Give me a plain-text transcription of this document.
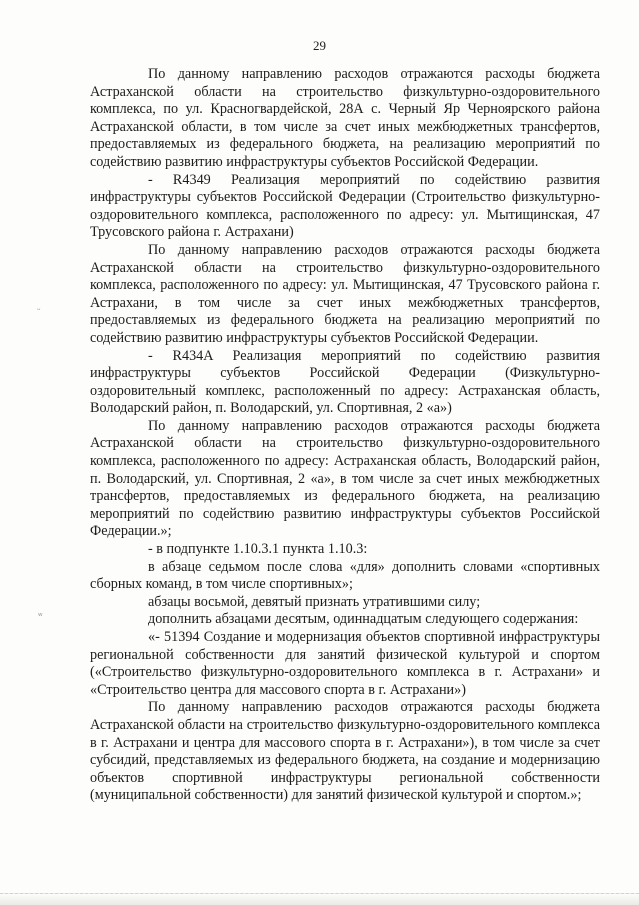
29
ᵕ
ʷ

По данному направлению расходов отражаются расходы бюджета Астраханской области на строительство физкультурно-оздоровительного комплекса, по ул. Красногвардейской, 28А с. Черный Яр Черноярского района Астраханской области, в том числе за счет иных межбюджетных трансфертов, предоставляемых из федерального бюджета, на реализацию мероприятий по содействию развитию инфраструктуры субъектов Российской Федерации.

- R4349 Реализация мероприятий по содействию развития инфраструктуры субъектов Российской Федерации (Строительство физкультурно-оздоровительного комплекса, расположенного по адресу: ул. Мытищинская, 47 Трусовского района г. Астрахани)

По данному направлению расходов отражаются расходы бюджета Астраханской области на строительство физкультурно-оздоровительного комплекса, расположенного по адресу: ул. Мытищинская, 47 Трусовского района г. Астрахани, в том числе за счет иных межбюджетных трансфертов, предоставляемых из федерального бюджета на реализацию мероприятий по содействию развитию инфраструктуры субъектов Российской Федерации.

- R434A Реализация мероприятий по содействию развития инфраструктуры субъектов Российской Федерации (Физкультурно-оздоровительный комплекс, расположенный по адресу: Астраханская область, Володарский район, п. Володарский, ул. Спортивная, 2 «а»)

По данному направлению расходов отражаются расходы бюджета Астраханской области на строительство физкультурно-оздоровительного комплекса, расположенного по адресу: Астраханская область, Володарский район, п. Володарский, ул. Спортивная, 2 «а», в том числе за счет иных межбюджетных трансфертов, предоставляемых из федерального бюджета, на реализацию мероприятий по содействию развитию инфраструктуры субъектов Российской Федерации.»;

- в подпункте 1.10.3.1 пункта 1.10.3:

в абзаце седьмом после слова «для» дополнить словами «спортивных сборных команд, в том числе спортивных»;

абзацы восьмой, девятый признать утратившими силу;

дополнить абзацами десятым, одиннадцатым следующего содержания:

«- 51394 Создание и модернизация объектов спортивной инфраструктуры региональной собственности для занятий физической культурой и спортом («Строительство физкультурно-оздоровительного комплекса в г. Астрахани» и «Строительство центра для массового спорта в г. Астрахани»)

По данному направлению расходов отражаются расходы бюджета Астраханской области на строительство физкультурно-оздоровительного комплекса в г. Астрахани и центра для массового спорта в г. Астрахани»), в том числе за счет субсидий, представляемых из федерального бюджета, на создание и модернизацию объектов спортивной инфраструктуры региональной собственности (муниципальной собственности) для занятий физической культурой и спортом.»;
